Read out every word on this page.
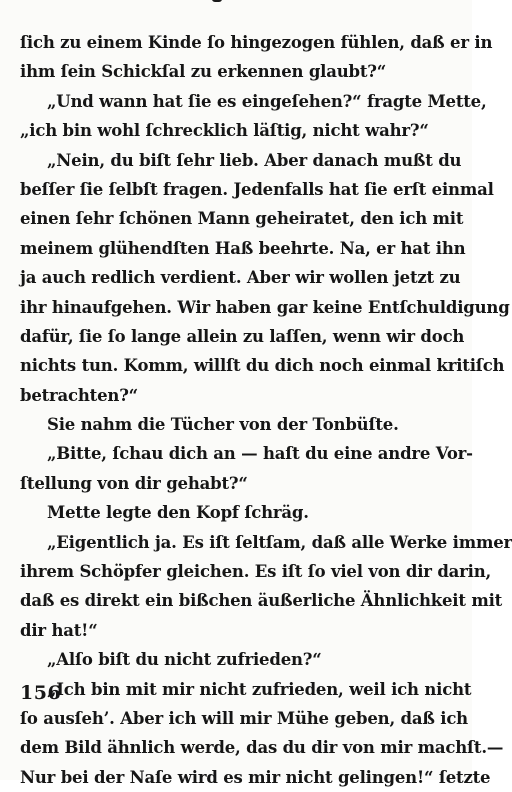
ſich zu einem Kinde ſo hingezogen fühlen, daß er in
ihm ſein Schickſal zu erkennen glaubt?“
„Und wann hat ſie es eingeſehen?“ fragte Mette,
„ich bin wohl ſchrecklich läſtig, nicht wahr?“
„Nein, du biſt ſehr lieb. Aber danach mußt du
beſſer ſie ſelbſt fragen. Jedenfalls hat ſie erſt einmal
einen ſehr ſchönen Mann geheiratet, den ich mit
meinem glühendſten Haß beehrte. Na, er hat ihn
ja auch redlich verdient. Aber wir wollen jetzt zu
ihr hinaufgehen. Wir haben gar keine Entſchuldigung
dafür, ſie ſo lange allein zu laſſen, wenn wir doch
nichts tun. Komm, willſt du dich noch einmal kritiſch
betrachten?“
Sie nahm die Tücher von der Tonbüſte.
„Bitte, ſchau dich an — haſt du eine andre Vor-
ſtellung von dir gehabt?“
Mette legte den Kopf ſchräg.
„Eigentlich ja. Es iſt ſeltſam, daß alle Werke immer
ihrem Schöpfer gleichen. Es iſt ſo viel von dir darin,
daß es direkt ein bißchen äußerliche Ähnlichkeit mit
dir hat!“
„Alſo biſt du nicht zufrieden?“
„Ich bin mit mir nicht zufrieden, weil ich nicht
ſo ausſeh’. Aber ich will mir Mühe geben, daß ich
dem Bild ähnlich werde, das du dir von mir machſt.—
Nur bei der Naſe wird es mir nicht gelingen!“ ſetzte
156
